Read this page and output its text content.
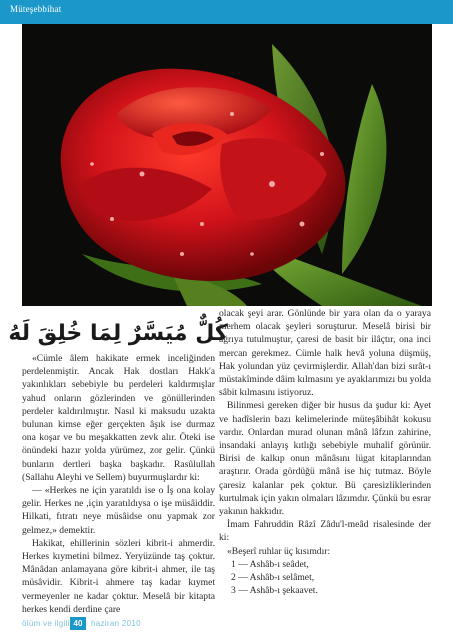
Müteşebbihat
كُلٌّ مُيَسَّرٌ لِمَا خُلِقَ لَهُ

«Cümle âlem hakikate ermek inceliğinden perdelenmiştir. Ancak Hak dostları Hakk'a yakınlıkları sebebiyle bu perdeleri kaldırmışlar yahud onların gözlerinden ve gönüllerinden perdeler kaldırılmıştır. Nasıl ki maksudu uzakta bulunan kimse eğer gerçekten âşık ise durmaz ona koşar ve bu meşakkatten zevk alır. Öteki ise önündeki hazır yolda yürümez, zor gelir. Çünkü bunların dertleri başka başkadır. Rasûlullah (Sallahu Aleyhi ve Sellem) buyurmuşlardır ki:

— «Herkes ne için yaratıldı ise o İş ona kolay gelir. Herkes ne ,için yaratıldıysa o işe müsâiddir. Hilkati, fıtratı neye müsâidse onu yapmak zor gelmez,» demektir.

Hakikat, ehillerinin sözleri kibrit-i ahmerdir. Herkes kıymetini bilmez. Yeryüzünde taş çoktur. Mânâdan anlamayana göre kibrit-i ahmer, ile taş müsâvidir. Kibrit-i ahmere taş kadar kıymet vermeyenler ne kadar çoktur. Meselâ bir kitapta herkes kendi derdine çare

olacak şeyi arar. Gönlünde bir yara olan da o yaraya merhem olacak şeyleri soruşturur. Meselâ birisi bir ağrıya tutulmuştur, çaresi de basit bir ilâçtır, ona inci mercan gerekmez. Cümle halk hevâ yoluna düşmüş, Hak yolundan yüz çevirmişlerdir. Allah'dan bizi sırât-ı müstakîminde dâim kılmasını ye ayaklarımızı bu yolda sâbit kılmasını istiyoruz.

Bilinmesi gereken diğer bir husus da şudur ki: Ayet ve hadîslerin bazı kelimelerinde müteşâbihât kokusu vardır. Onlardan murad olunan mânâ lâfzın zahirine, insandaki anlayış kıtlığı sebebiyle muhalif görünür. Birisi de kalkıp onun mânâsını lügat kitaplarından araştırır. Orada gördüğü mânâ ise hiç tutmaz. Böyle çaresiz kalanlar pek çoktur. Bü çaresizliklerinden kurtulmak için yakın olmaları lâzımdır. Çünkü bu esrar yakının hakkıdır.

İmam Fahruddin Râzî Zâdu'l-meâd risalesinde der ki:

«Beşerî ruhlar üç kısımdır:

1 — Ashâb-ı seâdet,

2 — Ashâb-ı selâmet,

3 — Ashâb-ı şekaavet.

ölüm ve ilgili 40	haziran 2010
